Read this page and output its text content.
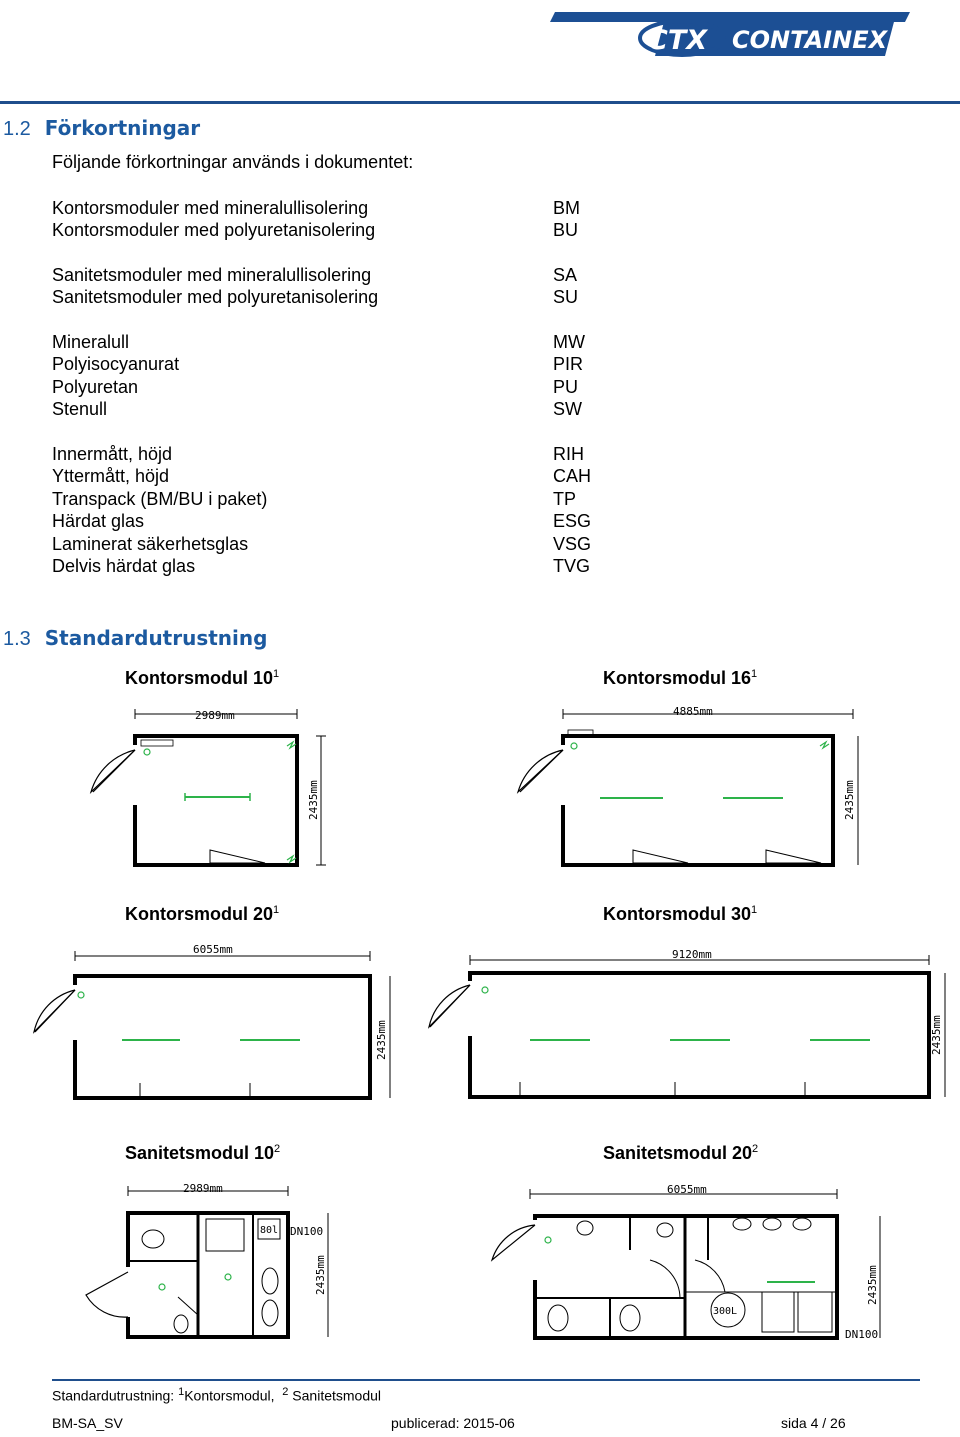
CTX CONTAINEX
1.2 Förkortningar
Följande förkortningar används i dokumentet:
Kontorsmoduler med mineralullisolering	BM
Kontorsmoduler med polyuretanisolering	BU
Sanitetsmoduler med mineralullisolering	SA
Sanitetsmoduler med polyuretanisolering	SU
Mineralull	MW
Polyisocyanurat	PIR
Polyuretan	PU
Stenull	SW
Innermått, höjd	RIH
Yttermått, höjd	CAH
Transpack (BM/BU i paket)	TP
Härdat glas	ESG
Laminerat säkerhetsglas	VSG
Delvis härdat glas	TVG
1.3 Standardutrustning
Kontorsmodul $10^1$	Kontorsmodul $16^1$
Kontorsmodul $20^1$	Kontorsmodul $30^1$
Sanitetsmodul $10^2$	Sanitetsmodul $20^2$
2989mm
2435mm
4885mm
2435mm
6055mm
2435mm
9120mm
2435mm
2989mm
2435mm
80l DN100
6055mm
2435mm
300L
DN100
Standardutrustning: $^1$Kontorsmodul, $^2$ Sanitetsmodul
BM-SA_SV	publicerad: 2015-06	sida 4 / 26
